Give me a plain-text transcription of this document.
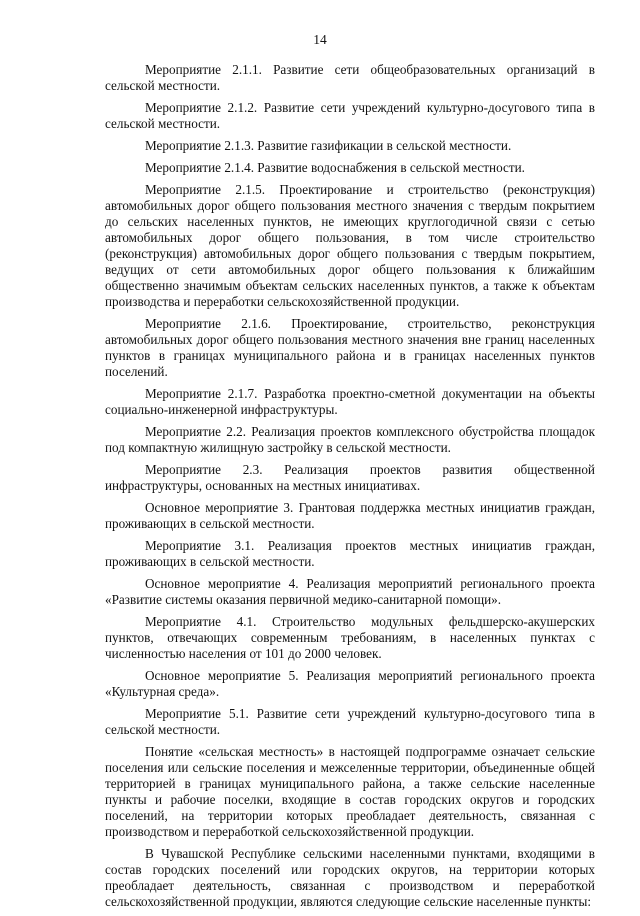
14

Мероприятие 2.1.1. Развитие сети общеобразовательных организаций в сельской местности.

Мероприятие 2.1.2. Развитие сети учреждений культурно-досугового типа в сельской местности.

Мероприятие 2.1.3. Развитие газификации в сельской местности.

Мероприятие 2.1.4. Развитие водоснабжения в сельской местности.

Мероприятие 2.1.5. Проектирование и строительство (реконструкция) автомобильных дорог общего пользования местного значения с твердым покрытием до сельских населенных пунктов, не имеющих круглогодичной связи с сетью автомобильных дорог общего пользования, в том числе строительство (реконструкция) автомобильных дорог общего пользования с твердым покрытием, ведущих от сети автомобильных дорог общего пользования к ближайшим общественно значимым объектам сельских населенных пунктов, а также к объектам производства и переработки сельскохозяйственной продукции.

Мероприятие 2.1.6. Проектирование, строительство, реконструкция автомобильных дорог общего пользования местного значения вне границ населенных пунктов в границах муниципального района и в границах населенных пунктов поселений.

Мероприятие 2.1.7. Разработка проектно-сметной документации на объекты социально-инженерной инфраструктуры.

Мероприятие 2.2. Реализация проектов комплексного обустройства площадок под компактную жилищную застройку в сельской местности.

Мероприятие 2.3. Реализация проектов развития общественной инфраструктуры, основанных на местных инициативах.

Основное мероприятие 3. Грантовая поддержка местных инициатив граждан, проживающих в сельской местности.

Мероприятие 3.1. Реализация проектов местных инициатив граждан, проживающих в сельской местности.

Основное мероприятие 4. Реализация мероприятий регионального проекта «Развитие системы оказания первичной медико-санитарной помощи».

Мероприятие 4.1. Строительство модульных фельдшерско-акушерских пунктов, отвечающих современным требованиям, в населенных пунктах с численностью населения от 101 до 2000 человек.

Основное мероприятие 5. Реализация мероприятий регионального проекта «Культурная среда».

Мероприятие 5.1. Развитие сети учреждений культурно-досугового типа в сельской местности.

Понятие «сельская местность» в настоящей подпрограмме означает сельские поселения или сельские поселения и межселенные территории, объединенные общей территорией в границах муниципального района, а также сельские населенные пункты и рабочие поселки, входящие в состав городских округов и городских поселений, на территории которых преобладает деятельность, связанная с производством и переработкой сельскохозяйственной продукции.

В Чувашской Республике сельскими населенными пунктами, входящими в состав городских поселений или городских округов, на территории которых преобладает деятельность, связанная с производством и переработкой сельскохозяйственной продукции, являются следующие сельские населенные пункты:
